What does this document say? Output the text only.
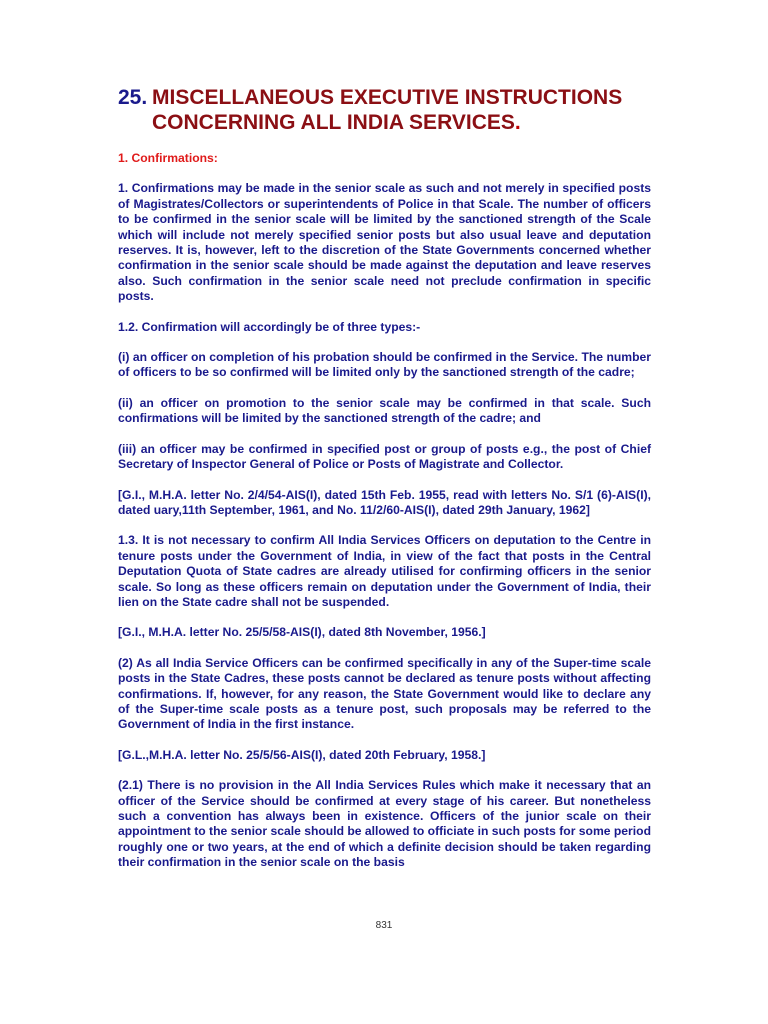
25. MISCELLANEOUS EXECUTIVE INSTRUCTIONS CONCERNING ALL INDIA SERVICES.

1. Confirmations:

1. Confirmations may be made in the senior scale as such and not merely in specified posts of Magistrates/Collectors or superintendents of Police in that Scale. The number of officers to be confirmed in the senior scale will be limited by the sanctioned strength of the Scale which will include not merely specified senior posts but also usual leave and deputation reserves. It is, however, left to the discretion of the State Governments concerned whether confirmation in the senior scale should be made against the deputation and leave reserves also. Such confirmation in the senior scale need not preclude confirmation in specific posts.

1.2. Confirmation will accordingly be of three types:-

(i) an officer on completion of his probation should be confirmed in the Service. The number of officers to be so confirmed will be limited only by the sanctioned strength of the cadre;

(ii) an officer on promotion to the senior scale may be confirmed in that scale. Such confirmations will be limited by the sanctioned strength of the cadre; and

(iii) an officer may be confirmed in specified post or group of posts e.g., the post of Chief Secretary of Inspector General of Police or Posts of Magistrate and Collector.

[G.I., M.H.A. letter No. 2/4/54-AIS(I), dated 15th Feb. 1955, read with letters No. S/1 (6)-AIS(I), dated uary,11th September, 1961, and No. 11/2/60-AIS(I), dated 29th January, 1962]

1.3. It is not necessary to confirm All India Services Officers on deputation to the Centre in tenure posts under the Government of India, in view of the fact that posts in the Central Deputation Quota of State cadres are already utilised for confirming officers in the senior scale. So long as these officers remain on deputation under the Government of India, their lien on the State cadre shall not be suspended.

[G.I., M.H.A. letter No. 25/5/58-AIS(I), dated 8th November, 1956.]

(2) As all India Service Officers can be confirmed specifically in any of the Super-time scale posts in the State Cadres, these posts cannot be declared as tenure posts without affecting confirmations. If, however, for any reason, the State Government would like to declare any of the Super-time scale posts as a tenure post, such proposals may be referred to the Government of India in the first instance.

[G.L.,M.H.A. letter No. 25/5/56-AIS(I), dated 20th February, 1958.]

(2.1) There is no provision in the All India Services Rules which make it necessary that an officer of the Service should be confirmed at every stage of his career. But nonetheless such a convention has always been in existence. Officers of the junior scale on their appointment to the senior scale should be allowed to officiate in such posts for some period roughly one or two years, at the end of which a definite decision should be taken regarding their confirmation in the senior scale on the basis

831
